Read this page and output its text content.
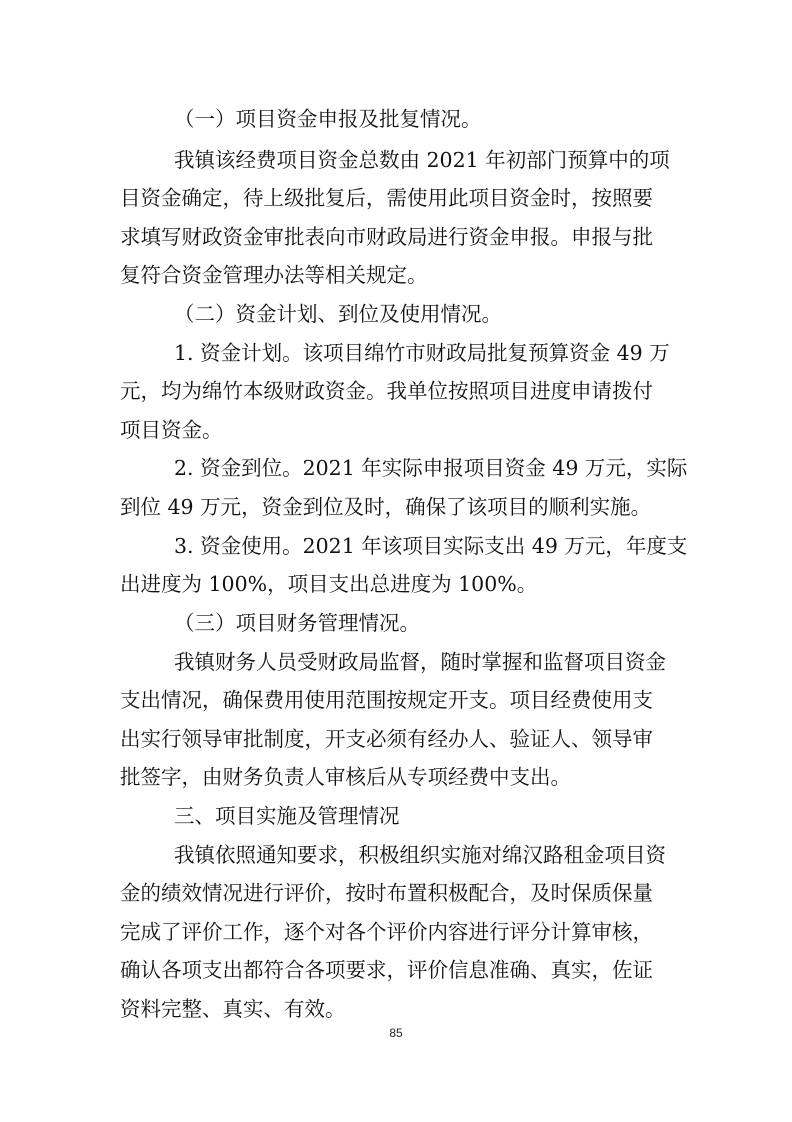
（一）项目资金申报及批复情况。
我镇该经费项目资金总数由 2021 年初部门预算中的项
目资金确定，待上级批复后，需使用此项目资金时，按照要
求填写财政资金审批表向市财政局进行资金申报。申报与批
复符合资金管理办法等相关规定。
（二）资金计划、到位及使用情况。
1. 资金计划。该项目绵竹市财政局批复预算资金 49 万
元，均为绵竹本级财政资金。我单位按照项目进度申请拨付
项目资金。
2. 资金到位。2021 年实际申报项目资金 49 万元，实际
到位 49 万元，资金到位及时，确保了该项目的顺利实施。
3. 资金使用。2021 年该项目实际支出 49 万元，年度支
出进度为 100%，项目支出总进度为 100%。
（三）项目财务管理情况。
我镇财务人员受财政局监督，随时掌握和监督项目资金
支出情况，确保费用使用范围按规定开支。项目经费使用支
出实行领导审批制度，开支必须有经办人、验证人、领导审
批签字，由财务负责人审核后从专项经费中支出。
三、项目实施及管理情况
我镇依照通知要求，积极组织实施对绵汉路租金项目资
金的绩效情况进行评价，按时布置积极配合，及时保质保量
完成了评价工作，逐个对各个评价内容进行评分计算审核，
确认各项支出都符合各项要求，评价信息准确、真实，佐证
资料完整、真实、有效。
85
